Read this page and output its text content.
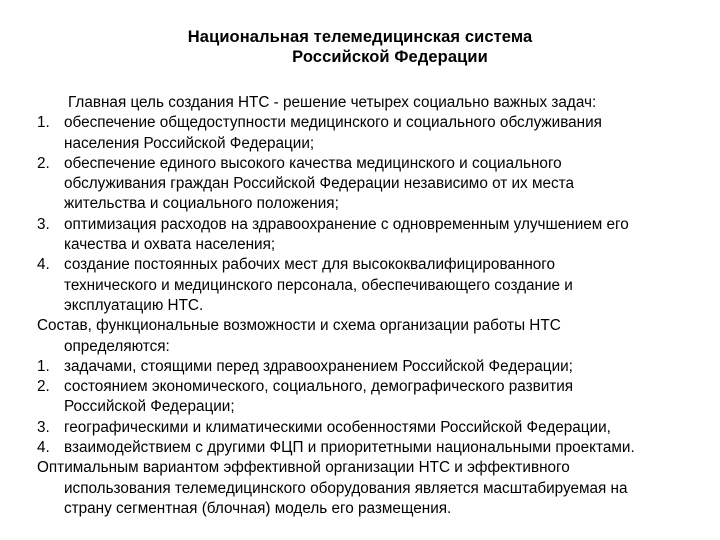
Национальная телемедицинская система
Российской Федерации
Главная цель создания НТС - решение четырех социально важных задач:
1. обеспечение общедоступности медицинского и социального обслуживания
населения Российской Федерации;
2. обеспечение единого высокого качества медицинского и социального
обслуживания граждан Российской Федерации независимо от их места
жительства и социального положения;
3. оптимизация расходов на здравоохранение с одновременным улучшением его
качества и охвата населения;
4. создание постоянных рабочих мест для высококвалифицированного
технического и медицинского персонала, обеспечивающего создание и
эксплуатацию НТС.
Состав, функциональные возможности и схема организации работы НТС
определяются:
1. задачами, стоящими перед здравоохранением Российской Федерации;
2. состоянием экономического, социального, демографического развития
Российской Федерации;
3. географическими и климатическими особенностями Российской Федерации,
4. взаимодействием с другими ФЦП и приоритетными национальными проектами.
Оптимальным вариантом эффективной организации НТС и эффективного
использования телемедицинского оборудования является масштабируемая на
страну сегментная (блочная) модель его размещения.
